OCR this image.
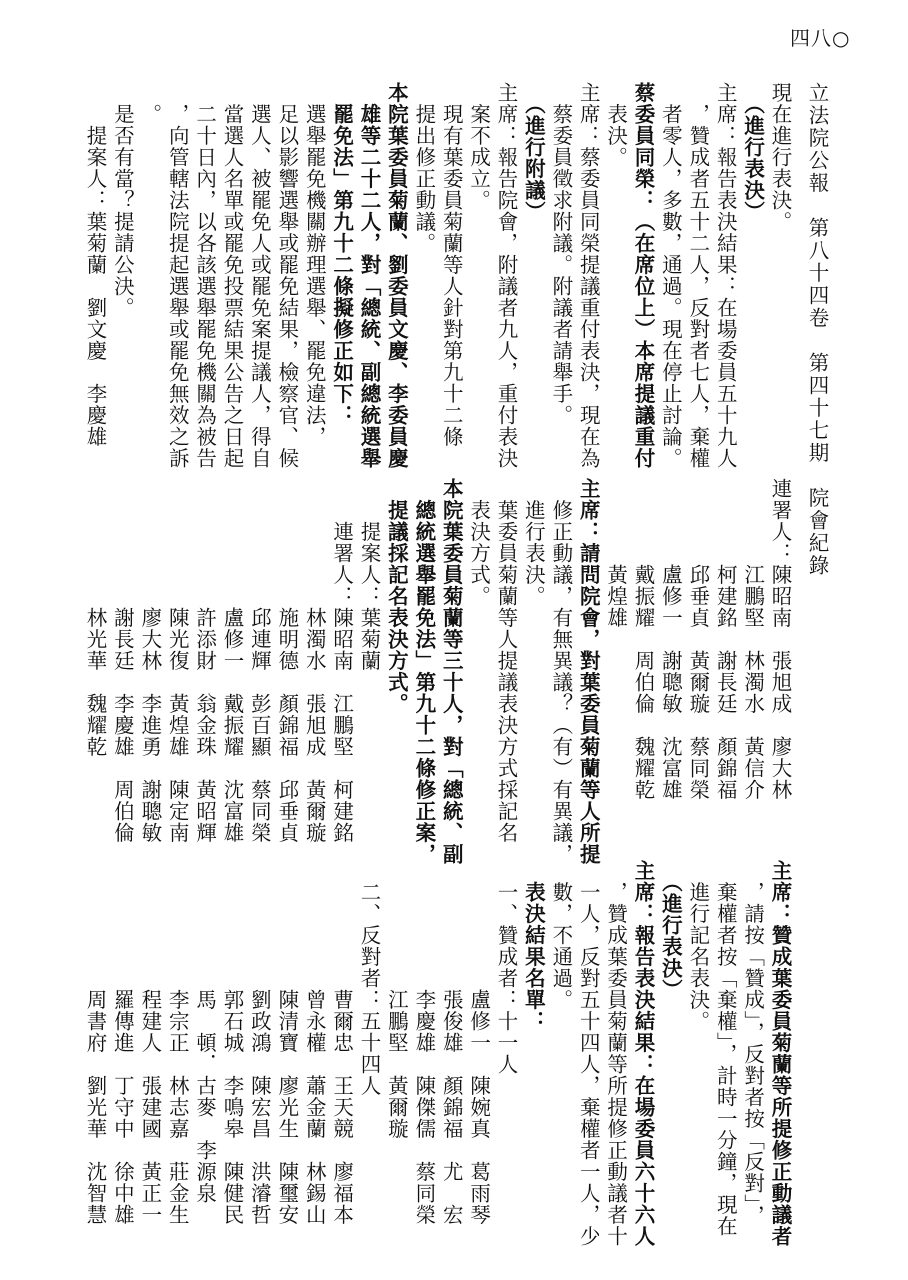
四八○
立法院公報　第八十四卷　第四十七期　院會紀錄
現在進行表決。
　（進行表決）
主席：報告表決結果：在場委員五十九人
　，贊成者五十二人，反對者七人，棄權
　者零人，多數，通過。現在停止討論。
蔡委員同榮：（在席位上）本席提議重付
　表決。
主席：蔡委員同榮提議重付表決，現在為
　蔡委員徵求附議。附議者請舉手。
　（進行附議）
主席：報告院會，附議者九人，重付表決
　案不成立。
　現有葉委員菊蘭等人針對第九十二條
　提出修正動議。
本院葉委員菊蘭、劉委員文慶、李委員慶
　雄等二十二人，對「總統、副總統選舉
　罷免法」第九十二條擬修正如下：
　選舉罷免機關辦理選舉、罷免違法，
　足以影響選舉或罷免結果，檢察官、候
　選人、被罷免人或罷免案提議人，得自
　當選人名單或罷免投票結果公告之日起
　二十日內，以各該選舉罷免機關為被告
　，向管轄法院提起選舉或罷免無效之訴
　。
　是否有當？提請公決。
　　提案人：葉菊蘭　劉文慶　李慶雄
連署人：陳昭南　張旭成　廖大林
　　　　江鵬堅　林濁水　黃信介
　　　　柯建銘　謝長廷　顏錦福
　　　　邱垂貞　黃爾璇　蔡同榮
　　　　盧修一　謝聰敏　沈富雄
　　　　戴振耀　周伯倫　魏耀乾
　　　　黃煌雄
主席：請問院會，對葉委員菊蘭等人所提
　修正動議，有無異議？（有）有異議，
　進行表決。
　葉委員菊蘭等人提議表決方式採記名
　表決方式。
本院葉委員菊蘭等三十人，對「總統、副
　總統選舉罷免法」第九十二條修正案，
　提議採記名表決方式。
　　提案人：葉菊蘭
　　連署人：陳昭南　江鵬堅　柯建銘
　　　　　　林濁水　張旭成　黃爾璇
　　　　　　施明德　顏錦福　邱垂貞
　　　　　　邱連輝　彭百顯　蔡同榮
　　　　　　盧修一　戴振耀　沈富雄
　　　　　　許添財　翁金珠　黃昭輝
　　　　　　陳光復　黃煌雄　陳定南
　　　　　　廖大林　李進勇　謝聰敏
　　　　　　謝長廷　李慶雄　周伯倫
　　　　　　林光華　魏耀乾
主席：贊成葉委員菊蘭等所提修正動議者
　，請按「贊成」，反對者按「反對」，
　棄權者按「棄權」，計時一分鐘，現在
　進行記名表決。
　（進行表決）
主席：報告表決結果：在場委員六十六人
　，贊成葉委員菊蘭等所提修正動議者十
　一人，反對五十四人，棄權者一人，少
　數，不通過。
　表決結果名單：
　一、贊成者：十一人
　　　　　　盧修一　陳婉真　葛雨琴
　　　　　　張俊雄　顏錦福　尤　宏
　　　　　　李慶雄　陳傑儒　蔡同榮
　　　　　　江鵬堅　黃爾璇
　二、反對者：五十四人
　　　　　　曹爾忠　王天競　廖福本
　　　　　　曾永權　蕭金蘭　林錫山
　　　　　　陳清寶　廖光生　陳璽安
　　　　　　劉政鴻　陳宏昌　洪濬哲
　　　　　　郭石城　李鳴皋　陳健民
　　　　　　馬　頓．古麥　李源泉
　　　　　　李宗正　林志嘉　莊金生
　　　　　　程建人　張建國　黃正一
　　　　　　羅傳進　丁守中　徐中雄
　　　　　　周書府　劉光華　沈智慧
